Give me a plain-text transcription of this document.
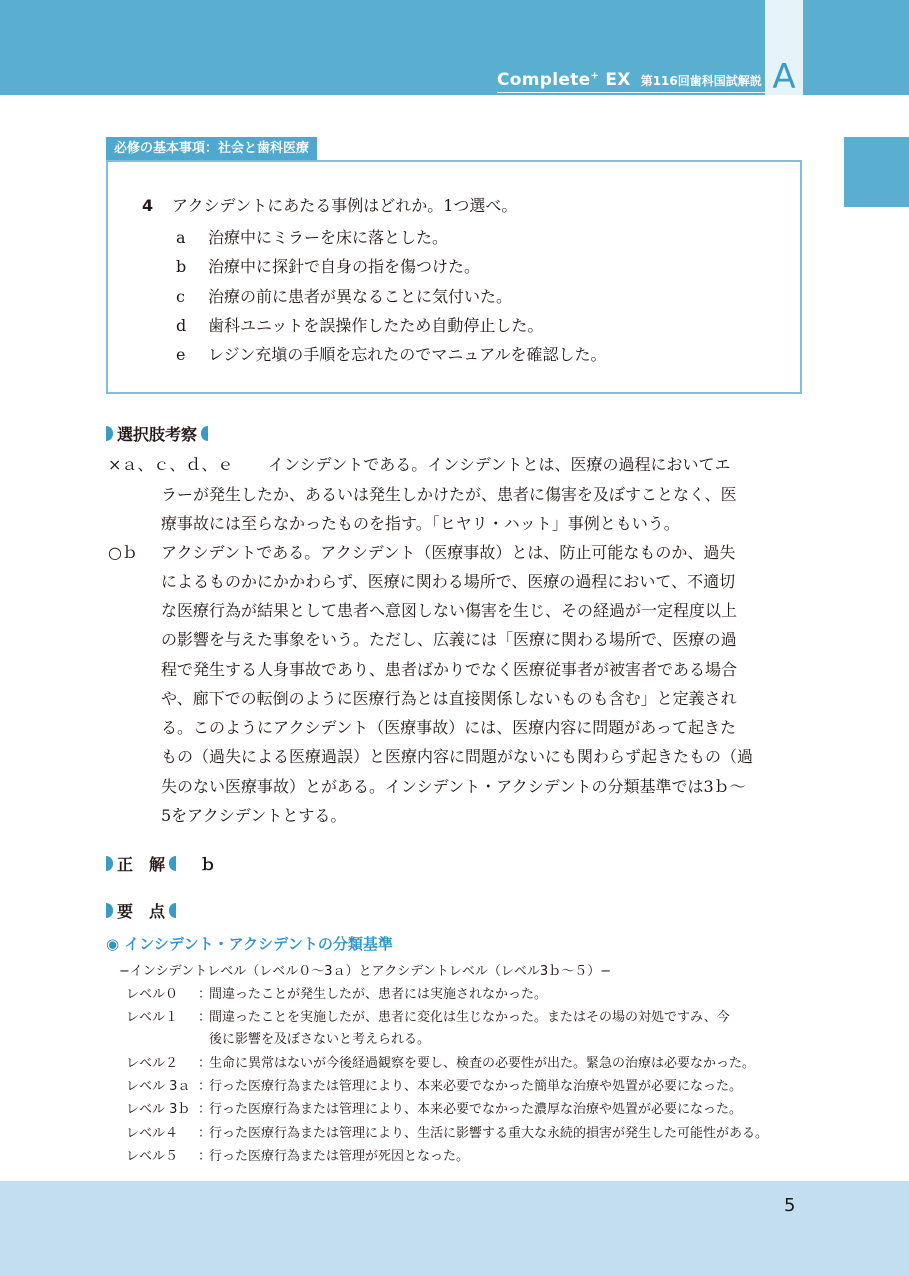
Complete+ EX 第116回歯科国試解説 A
必修の基本事項：社会と歯科医療
4 アクシデントにあたる事例はどれか。1つ選べ。
a 治療中にミラーを床に落とした。
b 治療中に探針で自身の指を傷つけた。
c 治療の前に患者が異なることに気付いた。
d 歯科ユニットを誤操作したため自動停止した。
e レジン充塡の手順を忘れたのでマニュアルを確認した。
選択肢考察
×ａ、ｃ、ｄ、ｅ インシデントである。インシデントとは、医療の過程においてエ
ラーが発生したか、あるいは発生しかけたが、患者に傷害を及ぼすことなく、医
療事故には至らなかったものを指す。「ヒヤリ・ハット」事例ともいう。
○ｂ アクシデントである。アクシデント（医療事故）とは、防止可能なものか、過失
によるものかにかかわらず、医療に関わる場所で、医療の過程において、不適切
な医療行為が結果として患者へ意図しない傷害を生じ、その経過が一定程度以上
の影響を与えた事象をいう。ただし、広義には「医療に関わる場所で、医療の過
程で発生する人身事故であり、患者ばかりでなく医療従事者が被害者である場合
や、廊下での転倒のように医療行為とは直接関係しないものも含む」と定義され
る。このようにアクシデント（医療事故）には、医療内容に問題があって起きた
もの（過失による医療過誤）と医療内容に問題がないにも関わらず起きたもの（過
失のない医療事故）とがある。インシデント・アクシデントの分類基準では3ｂ〜
5をアクシデントとする。
正　解 ｂ
要　点
◉ インシデント・アクシデントの分類基準
−インシデントレベル（レベル０〜3ａ）とアクシデントレベル（レベル3ｂ〜５）−
レベル０ ：
間違ったことが発生したが、患者には実施されなかった。
レベル１ ：
間違ったことを実施したが、患者に変化は生じなかった。またはその場の対処ですみ、今
後に影響を及ぼさないと考えられる。
レベル２ ：
生命に異常はないが今後経過観察を要し、検査の必要性が出た。緊急の治療は必要なかった。
レベル 3ａ ：
行った医療行為または管理により、本来必要でなかった簡単な治療や処置が必要になった。
レベル 3ｂ ：
行った医療行為または管理により、本来必要でなかった濃厚な治療や処置が必要になった。
レベル４ ：
行った医療行為または管理により、生活に影響する重大な永続的損害が発生した可能性がある。
レベル５ ：
行った医療行為または管理が死因となった。
5
